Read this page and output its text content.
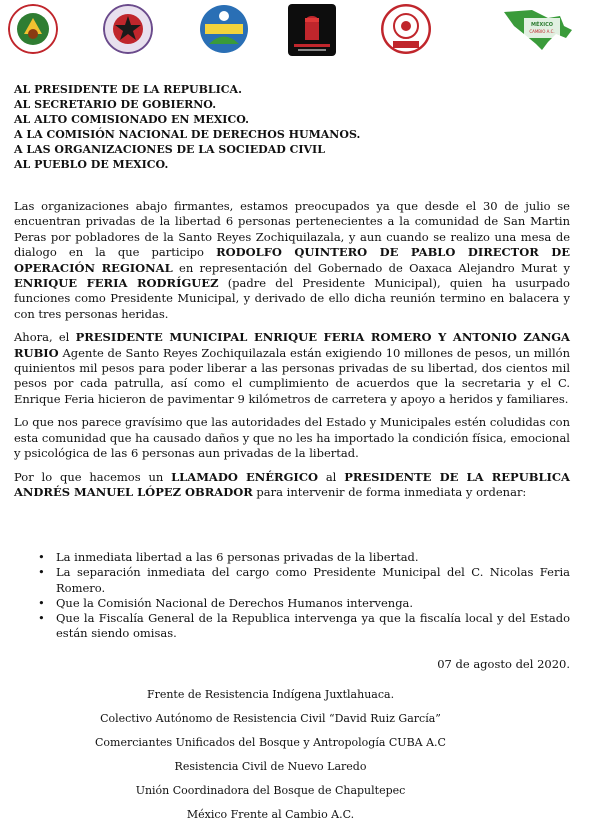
MÉXICO
CAMBIO A.C.
AL PRESIDENTE DE LA REPUBLICA.
AL SECRETARIO DE GOBIERNO.
AL ALTO COMISIONADO EN MEXICO.
A LA COMISIÓN NACIONAL DE DERECHOS HUMANOS.
A LAS ORGANIZACIONES DE LA SOCIEDAD CIVIL
AL PUEBLO DE MEXICO.

Las organizaciones abajo firmantes, estamos preocupados ya que desde el 30 de julio se encuentran privadas de la libertad 6 personas pertenecientes a la comunidad de San Martin Peras por pobladores de la Santo Reyes Zochiquilazala, y aun cuando se realizo una mesa de dialogo en la que participo RODOLFO QUINTERO DE PABLO DIRECTOR DE OPERACIÓN REGIONAL en representación del Gobernado de Oaxaca Alejandro Murat y ENRIQUE FERIA RODRÍGUEZ (padre del Presidente Municipal), quien ha usurpado funciones como Presidente Municipal, y derivado de ello dicha reunión termino en balacera y con tres personas heridas.

Ahora, el PRESIDENTE MUNICIPAL ENRIQUE FERIA ROMERO Y ANTONIO ZANGA RUBIO Agente de Santo Reyes Zochiquilazala están exigiendo 10 millones de pesos, un millón quinientos mil pesos para poder liberar a las personas privadas de su libertad, dos cientos mil pesos por cada patrulla, así como el cumplimiento de acuerdos que la secretaria y el C. Enrique Feria hicieron de pavimentar 9 kilómetros de carretera y apoyo a heridos y familiares.

Lo que nos parece gravísimo que las autoridades del Estado y Municipales estén coludidas con esta comunidad que ha causado daños y que no les ha importado la condición física, emocional y psicológica de las 6 personas aun privadas de la libertad.

Por lo que hacemos un LLAMADO ENÉRGICO al PRESIDENTE DE LA REPUBLICA ANDRÉS MANUEL LÓPEZ OBRADOR para intervenir de forma inmediata y ordenar:

• La inmediata libertad a las 6 personas privadas de la libertad.
• La separación inmediata del cargo como Presidente Municipal del C. Nicolas Feria Romero.
• Que la Comisión Nacional de Derechos Humanos intervenga.
• Que la Fiscalía General de la Republica intervenga ya que la fiscalía local y del Estado están siendo omisas.
07 de agosto del 2020.
Frente de Resistencia Indígena Juxtlahuaca.
Colectivo Autónomo de Resistencia Civil “David Ruiz García”
Comerciantes Unificados del Bosque y Antropología CUBA A.C
Resistencia Civil de Nuevo Laredo
Unión Coordinadora del Bosque de Chapultepec
México Frente al Cambio A.C.
